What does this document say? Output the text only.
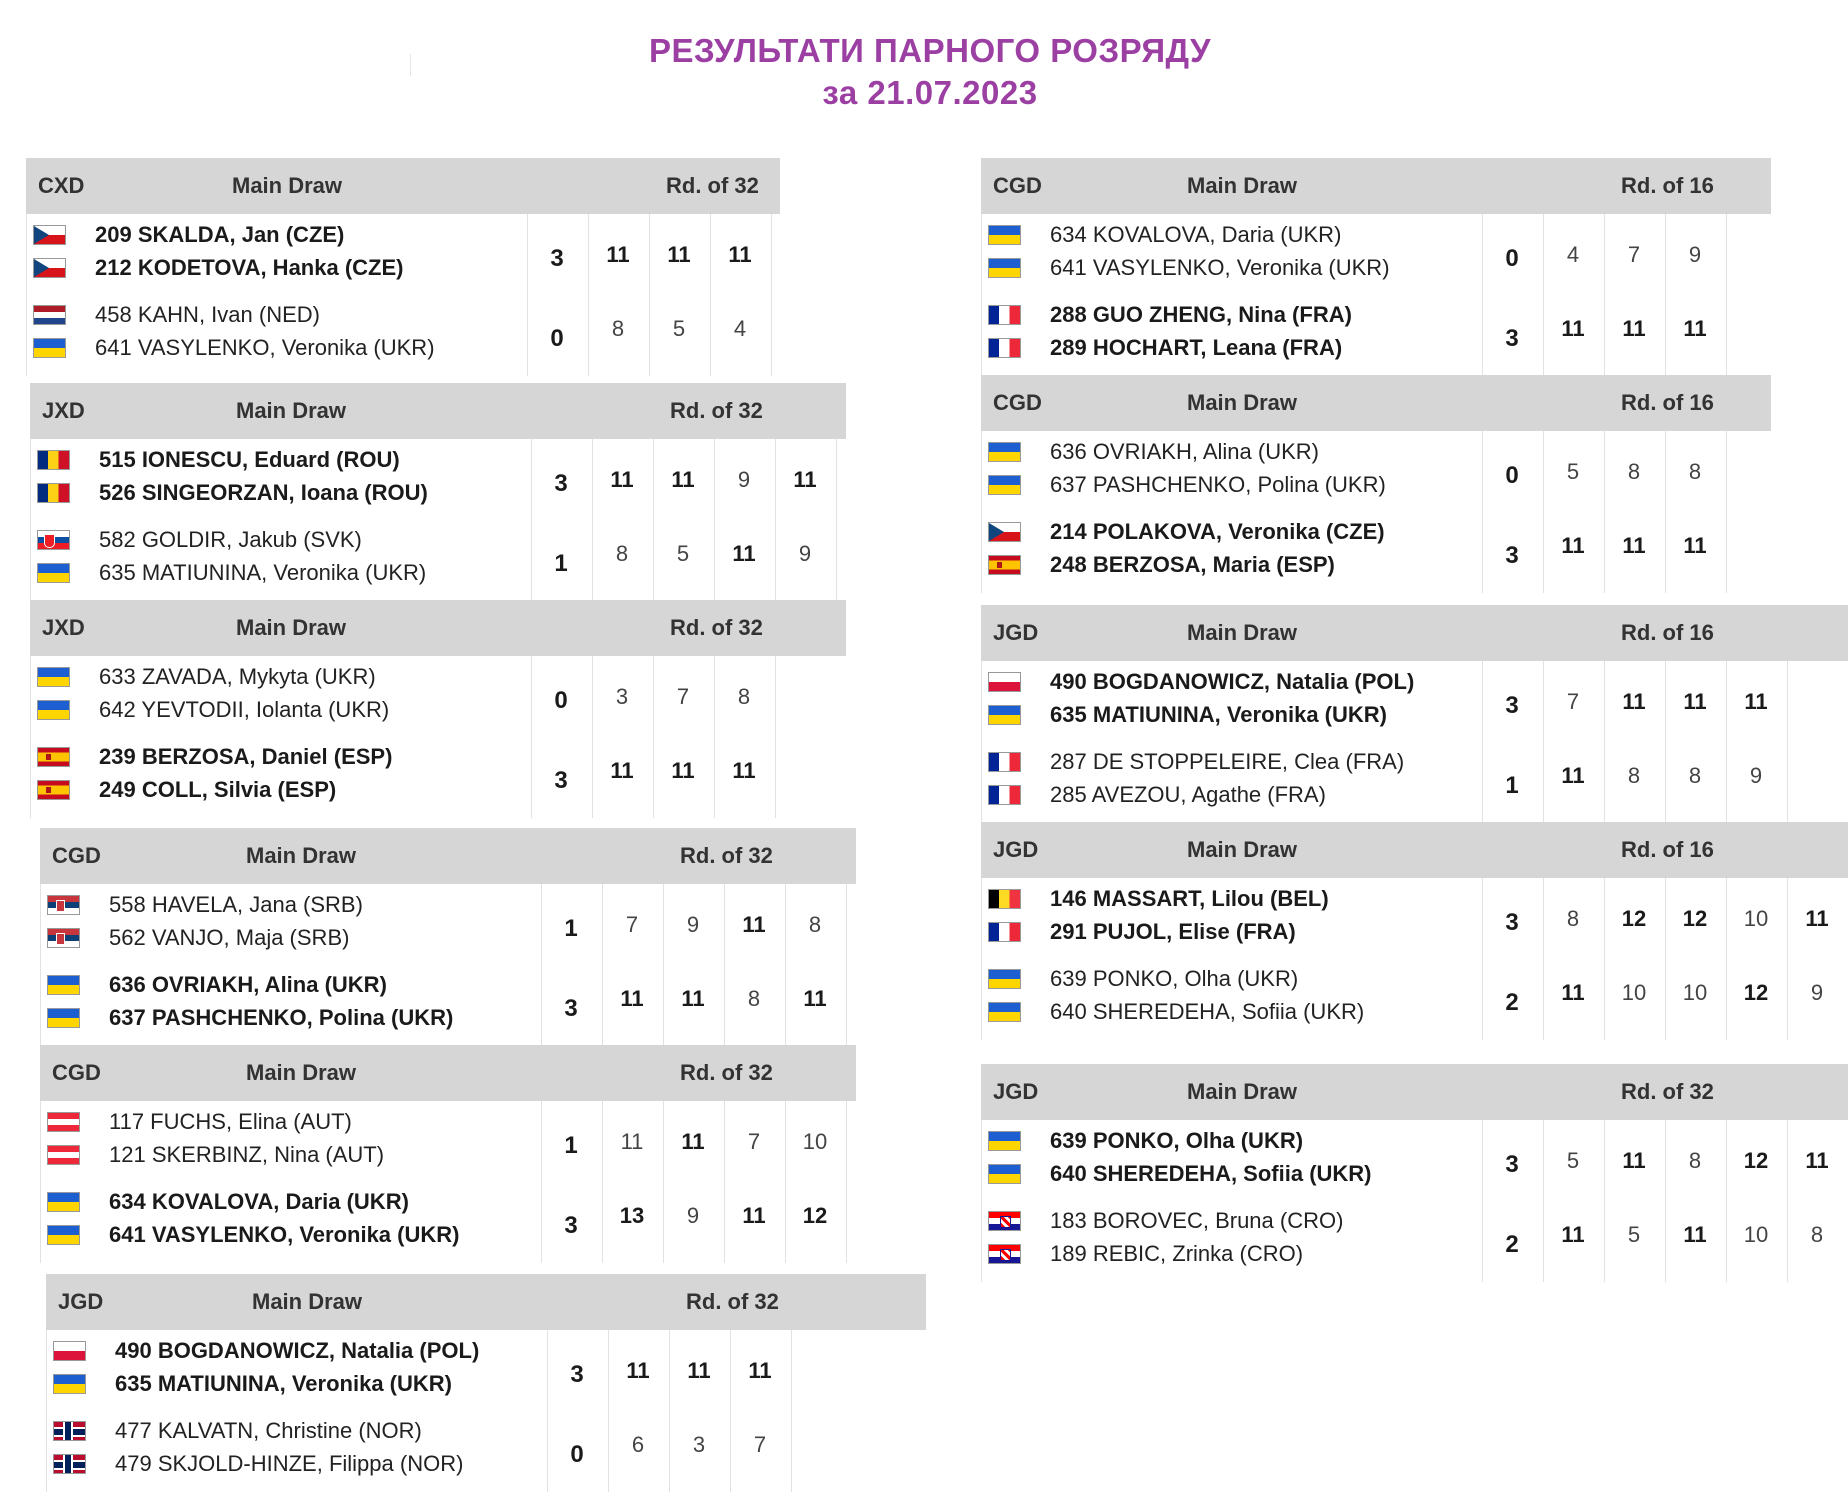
РЕЗУЛЬТАТИ ПАРНОГО РОЗРЯДУ
за 21.07.2023
CXD	Main Draw	Rd. of 32
209 SKALDA, Jan (CZE)
212 KODETOVA, Hanka (CZE)	3	11	11	11
458 KAHN, Ivan (NED)
641 VASYLENKO, Veronika (UKR)	0	8	5	4
JXD	Main Draw	Rd. of 32
515 IONESCU, Eduard (ROU)
526 SINGEORZAN, Ioana (ROU)	3	11	11	9	11
582 GOLDIR, Jakub (SVK)
635 MATIUNINA, Veronika (UKR)	1	8	5	11	9
JXD	Main Draw	Rd. of 32
633 ZAVADA, Mykyta (UKR)
642 YEVTODII, Iolanta (UKR)	0	3	7	8
239 BERZOSA, Daniel (ESP)
249 COLL, Silvia (ESP)	3	11	11	11
CGD	Main Draw	Rd. of 32
558 HAVELA, Jana (SRB)
562 VANJO, Maja (SRB)	1	7	9	11	8
636 OVRIAKH, Alina (UKR)
637 PASHCHENKO, Polina (UKR)	3	11	11	8	11
CGD	Main Draw	Rd. of 32
117 FUCHS, Elina (AUT)
121 SKERBINZ, Nina (AUT)	1	11	11	7	10
634 KOVALOVA, Daria (UKR)
641 VASYLENKO, Veronika (UKR)	3	13	9	11	12
JGD	Main Draw	Rd. of 32
490 BOGDANOWICZ, Natalia (POL)
635 MATIUNINA, Veronika (UKR)	3	11	11	11
477 KALVATN, Christine (NOR)
479 SKJOLD-HINZE, Filippa (NOR)	0	6	3	7
CGD	Main Draw	Rd. of 16
634 KOVALOVA, Daria (UKR)
641 VASYLENKO, Veronika (UKR)	0	4	7	9
288 GUO ZHENG, Nina (FRA)
289 HOCHART, Leana (FRA)	3	11	11	11
CGD	Main Draw	Rd. of 16
636 OVRIAKH, Alina (UKR)
637 PASHCHENKO, Polina (UKR)	0	5	8	8
214 POLAKOVA, Veronika (CZE)
248 BERZOSA, Maria (ESP)	3	11	11	11
JGD	Main Draw	Rd. of 16
490 BOGDANOWICZ, Natalia (POL)
635 MATIUNINA, Veronika (UKR)	3	7	11	11	11
287 DE STOPPELEIRE, Clea (FRA)
285 AVEZOU, Agathe (FRA)	1	11	8	8	9
JGD	Main Draw	Rd. of 16
146 MASSART, Lilou (BEL)
291 PUJOL, Elise (FRA)	3	8	12	12	10	11
639 PONKO, Olha (UKR)
640 SHEREDEHA, Sofiia (UKR)	2	11	10	10	12	9
JGD	Main Draw	Rd. of 32
639 PONKO, Olha (UKR)
640 SHEREDEHA, Sofiia (UKR)	3	5	11	8	12	11
183 BOROVEC, Bruna (CRO)
189 REBIC, Zrinka (CRO)	2	11	5	11	10	8
